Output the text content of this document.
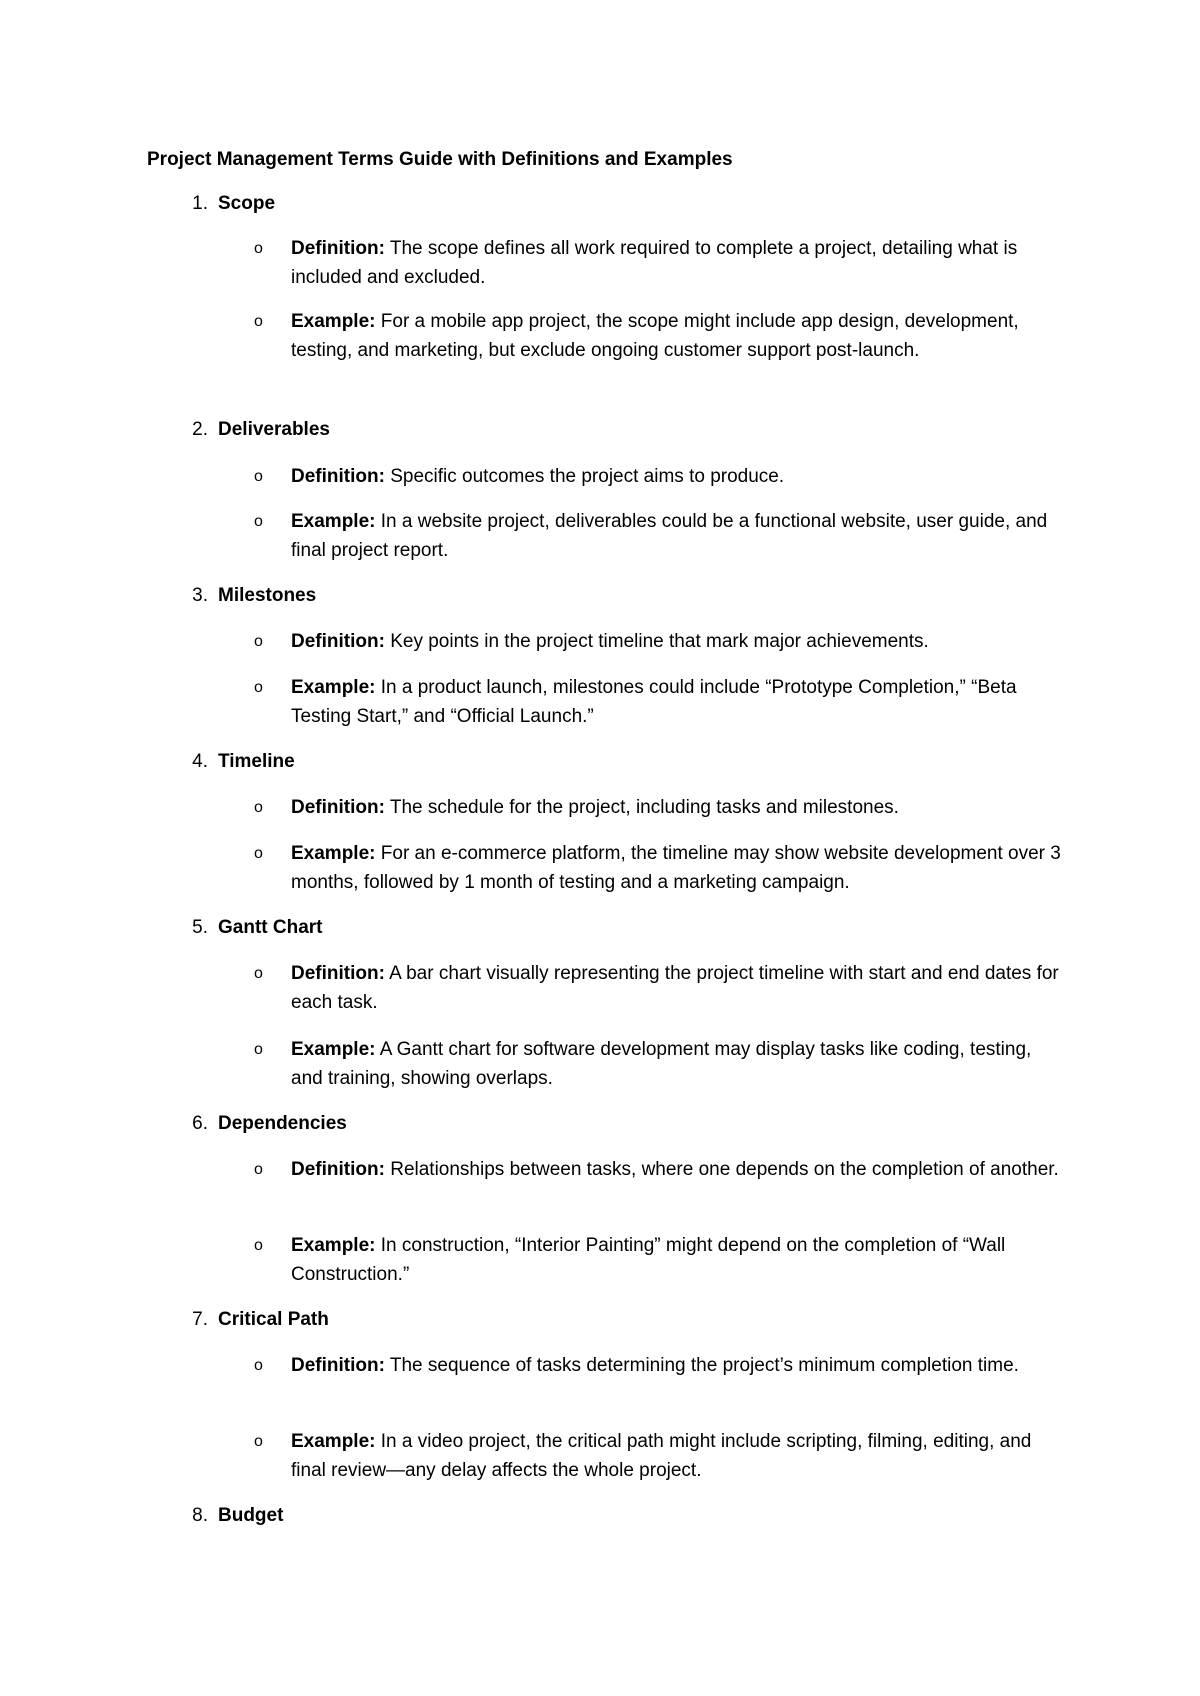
Project Management Terms Guide with Definitions and Examples
1 . Scope
o Definition: The scope defines all work required to complete a project, detailing what is included and excluded.
o Example: For a mobile app project, the scope might include app design, development, testing, and marketing, but exclude ongoing customer support post-launch.
2 . Deliverables
o Definition: Specific outcomes the project aims to produce.
o Example: In a website project, deliverables could be a functional website, user guide, and final project report.
3 . Milestones
o Definition: Key points in the project timeline that mark major achievements.
o Example: In a product launch, milestones could include “Prototype Completion,” “Beta Testing Start,” and “Official Launch.”
4 . Timeline
o Definition: The schedule for the project, including tasks and milestones.
o Example: For an e-commerce platform, the timeline may show website development over 3 months, followed by 1 month of testing and a marketing campaign.
5 . Gantt Chart
o Definition: A bar chart visually representing the project timeline with start and end dates for each task.
o Example: A Gantt chart for software development may display tasks like coding, testing, and training, showing overlaps.
6 . Dependencies
o Definition: Relationships between tasks, where one depends on the completion of another.
o Example: In construction, “Interior Painting” might depend on the completion of “Wall Construction.”
7 . Critical Path
o Definition: The sequence of tasks determining the project’s minimum completion time.
o Example: In a video project, the critical path might include scripting, filming, editing, and final review—any delay affects the whole project.
8 . Budget
